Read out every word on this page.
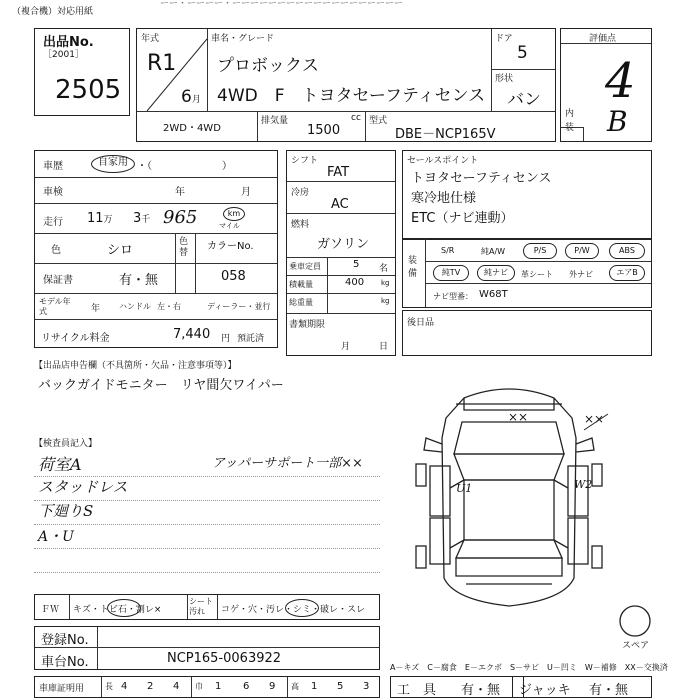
（複合機）対応用紙
ーー・ーーーー・ーーーーーーーーーーーーーーーーーーー
出品No.
［2001］
2505
年式
R1
6月
車名・グレード
プロボックス
4WD　F　トヨタセーフティセンス
ドア
5
形状
バン
2WD・4WD
排気量
1500
cc 型式
DBE－NCP165V
評価点
4
内装 B
車歴	自家用 ・（　　　　　　　）
車検	年	月
走行 11万 3千 965	km
マイル
色	シロ
色替
カラーNo.
保証書	有・無	058
モデル年式	年 ハンドル 左・右	ディーラー・並行
リサイクル料金	7,440 円 預託済
シフト
FAT
冷房
AC
燃料
ガソリン
乗車定員	5 名
積載量	400 kg
総重量	kg
書類期限
月	日
セールスポイント
トヨタセーフティセンス
寒冷地仕様
ETC（ナビ連動）
装備
S/R	純A/W	P/S	P/W	ABS
純TV	純ナビ	革シート 外ナビ	エアB
ナビ型番： W68T
後日品
【出品店申告欄（不具箇所・欠品・注意事項等）】
バックガイドモニター　リヤ間欠ワイパー
【検査員記入】
荷室A
スタッドレス
下廻りS
A・U
アッパーサポート一部××
××	××
U1	W2
スペア
ＦＷ キズ・トビ石・割レ×
シート汚れ	コゲ・穴・汚レ・シミ・破レ・スレ
登録No.
車台No.	NCP165-0063922
車庫証明用	長 4 2 4 巾 1 6 9 高 1 5 3
A－キズ　C－腐食　E－エクボ　S－サビ　U－凹ミ　W－補修　XX－交換済
工　具 有・無 ジャッキ 有・無
